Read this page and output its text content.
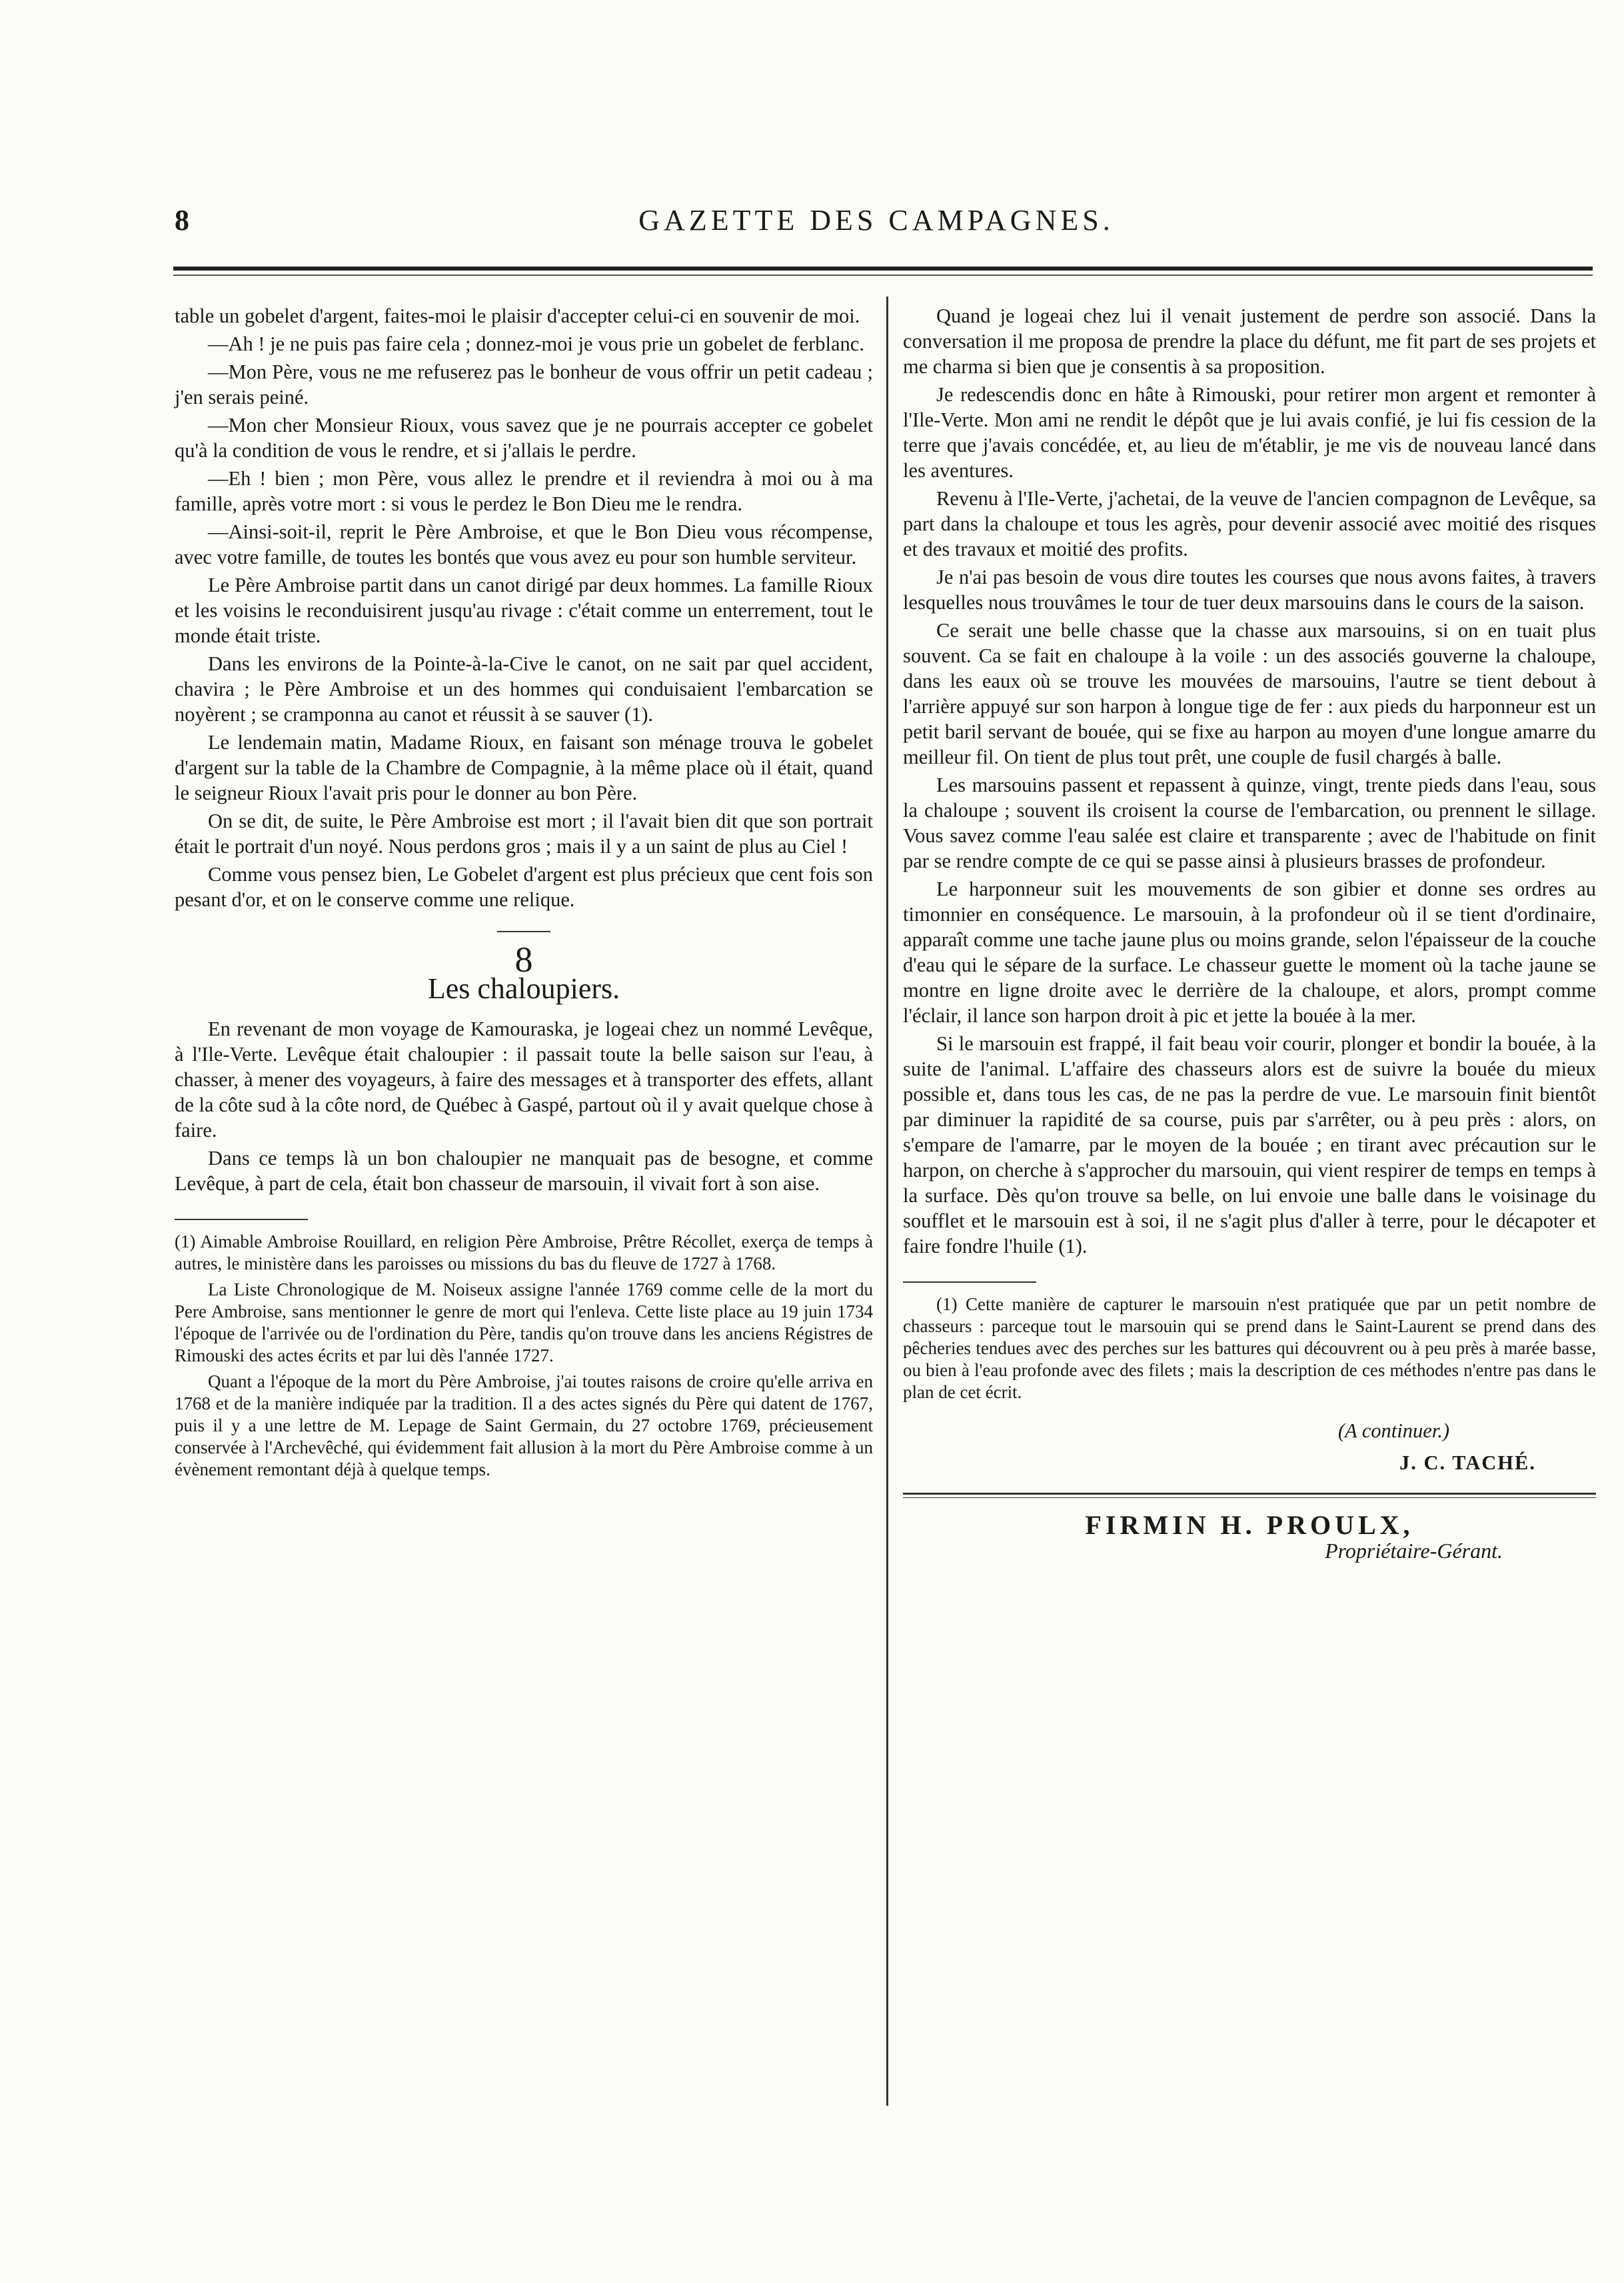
8	GAZETTE DES CAMPAGNES.

table un gobelet d'argent, faites-moi le plaisir d'accepter celui-ci en souvenir de moi.

—Ah ! je ne puis pas faire cela ; donnez-moi je vous prie un gobelet de ferblanc.

—Mon Père, vous ne me refuserez pas le bonheur de vous offrir un petit cadeau ; j'en serais peiné.

—Mon cher Monsieur Rioux, vous savez que je ne pourrais accepter ce gobelet qu'à la condition de vous le rendre, et si j'allais le perdre.

—Eh ! bien ; mon Père, vous allez le prendre et il reviendra à moi ou à ma famille, après votre mort : si vous le perdez le Bon Dieu me le rendra.

—Ainsi-soit-il, reprit le Père Ambroise, et que le Bon Dieu vous récompense, avec votre famille, de toutes les bontés que vous avez eu pour son humble serviteur.

Le Père Ambroise partit dans un canot dirigé par deux hommes. La famille Rioux et les voisins le reconduisirent jusqu'au rivage : c'était comme un enterrement, tout le monde était triste.

Dans les environs de la Pointe-à-la-Cive le canot, on ne sait par quel accident, chavira ; le Père Ambroise et un des hommes qui conduisaient l'embarcation se noyèrent ; se cramponna au canot et réussit à se sauver (1).

Le lendemain matin, Madame Rioux, en faisant son ménage trouva le gobelet d'argent sur la table de la Chambre de Compagnie, à la même place où il était, quand le seigneur Rioux l'avait pris pour le donner au bon Père.

On se dit, de suite, le Père Ambroise est mort ; il l'avait bien dit que son portrait était le portrait d'un noyé. Nous perdons gros ; mais il y a un saint de plus au Ciel !

Comme vous pensez bien, Le Gobelet d'argent est plus précieux que cent fois son pesant d'or, et on le conserve comme une relique.

8
Les chaloupiers.

En revenant de mon voyage de Kamouraska, je logeai chez un nommé Levêque, à l'Ile-Verte. Levêque était chaloupier : il passait toute la belle saison sur l'eau, à chasser, à mener des voyageurs, à faire des messages et à transporter des effets, allant de la côte sud à la côte nord, de Québec à Gaspé, partout où il y avait quelque chose à faire.

Dans ce temps là un bon chaloupier ne manquait pas de besogne, et comme Levêque, à part de cela, était bon chasseur de marsouin, il vivait fort à son aise.

(1) Aimable Ambroise Rouillard, en religion Père Ambroise, Prêtre Récollet, exerça de temps à autres, le ministère dans les paroisses ou missions du bas du fleuve de 1727 à 1768.

La Liste Chronologique de M. Noiseux assigne l'année 1769 comme celle de la mort du Pere Ambroise, sans mentionner le genre de mort qui l'enleva. Cette liste place au 19 juin 1734 l'époque de l'arrivée ou de l'ordination du Père, tandis qu'on trouve dans les anciens Régistres de Rimouski des actes écrits et par lui dès l'année 1727.

Quant a l'époque de la mort du Père Ambroise, j'ai toutes raisons de croire qu'elle arriva en 1768 et de la manière indiquée par la tradition. Il a des actes signés du Père qui datent de 1767, puis il y a une lettre de M. Lepage de Saint Germain, du 27 octobre 1769, précieusement conservée à l'Archevêché, qui évidemment fait allusion à la mort du Père Ambroise comme à un évènement remontant déjà à quelque temps.

Quand je logeai chez lui il venait justement de perdre son associé. Dans la conversation il me proposa de prendre la place du défunt, me fit part de ses projets et me charma si bien que je consentis à sa proposition.

Je redescendis donc en hâte à Rimouski, pour retirer mon argent et remonter à l'Ile-Verte. Mon ami ne rendit le dépôt que je lui avais confié, je lui fis cession de la terre que j'avais concédée, et, au lieu de m'établir, je me vis de nouveau lancé dans les aventures.

Revenu à l'Ile-Verte, j'achetai, de la veuve de l'ancien compagnon de Levêque, sa part dans la chaloupe et tous les agrès, pour devenir associé avec moitié des risques et des travaux et moitié des profits.

Je n'ai pas besoin de vous dire toutes les courses que nous avons faites, à travers lesquelles nous trouvâmes le tour de tuer deux marsouins dans le cours de la saison.

Ce serait une belle chasse que la chasse aux marsouins, si on en tuait plus souvent. Ca se fait en chaloupe à la voile : un des associés gouverne la chaloupe, dans les eaux où se trouve les mouvées de marsouins, l'autre se tient debout à l'arrière appuyé sur son harpon à longue tige de fer : aux pieds du harponneur est un petit baril servant de bouée, qui se fixe au harpon au moyen d'une longue amarre du meilleur fil. On tient de plus tout prêt, une couple de fusil chargés à balle.

Les marsouins passent et repassent à quinze, vingt, trente pieds dans l'eau, sous la chaloupe ; souvent ils croisent la course de l'embarcation, ou prennent le sillage. Vous savez comme l'eau salée est claire et transparente ; avec de l'habitude on finit par se rendre compte de ce qui se passe ainsi à plusieurs brasses de profondeur.

Le harponneur suit les mouvements de son gibier et donne ses ordres au timonnier en conséquence. Le marsouin, à la profondeur où il se tient d'ordinaire, apparaît comme une tache jaune plus ou moins grande, selon l'épaisseur de la couche d'eau qui le sépare de la surface. Le chasseur guette le moment où la tache jaune se montre en ligne droite avec le derrière de la chaloupe, et alors, prompt comme l'éclair, il lance son harpon droit à pic et jette la bouée à la mer.

Si le marsouin est frappé, il fait beau voir courir, plonger et bondir la bouée, à la suite de l'animal. L'affaire des chasseurs alors est de suivre la bouée du mieux possible et, dans tous les cas, de ne pas la perdre de vue. Le marsouin finit bientôt par diminuer la rapidité de sa course, puis par s'arrêter, ou à peu près : alors, on s'empare de l'amarre, par le moyen de la bouée ; en tirant avec précaution sur le harpon, on cherche à s'approcher du marsouin, qui vient respirer de temps en temps à la surface. Dès qu'on trouve sa belle, on lui envoie une balle dans le voisinage du soufflet et le marsouin est à soi, il ne s'agit plus d'aller à terre, pour le décapoter et faire fondre l'huile (1).

(1) Cette manière de capturer le marsouin n'est pratiquée que par un petit nombre de chasseurs : parceque tout le marsouin qui se prend dans le Saint-Laurent se prend dans des pêcheries tendues avec des perches sur les battures qui découvrent ou à peu près à marée basse, ou bien à l'eau profonde avec des filets ; mais la description de ces méthodes n'entre pas dans le plan de cet écrit.

(A continuer.)
J. C. TACHÉ.
FIRMIN H. PROULX,
Propriétaire-Gérant.
